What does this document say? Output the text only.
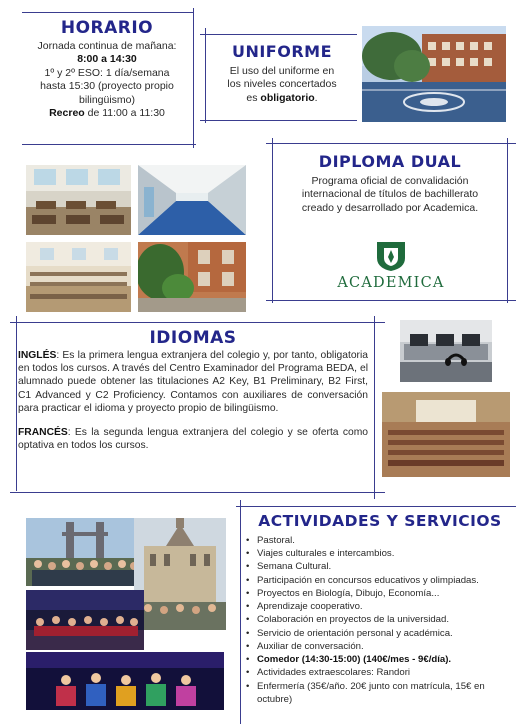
HORARIO

Jornada continua de mañana:

8:00 a 14:30

1º y 2º ESO: 1 día/semana

hasta 15:30 (proyecto propio

bilingüismo)

Recreo de 11:00 a 11:30

UNIFORME

El uso del uniforme en

los niveles concertados

es obligatorio.

DIPLOMA DUAL

Programa oficial de convalidación

internacional de títulos de bachillerato

creado y desarrollado por Academica.

ACADEMICA
IDIOMAS

INGLÉS: Es la primera lengua extranjera del colegio y, por tanto, obligatoria en todos los cursos. A través del Centro Examinador del Programa BEDA, el alumnado puede obtener las titulaciones A2 Key, B1 Preliminary, B2 First, C1 Advanced y C2 Proficiency. Contamos con auxiliares de conversación para practicar el idioma y proyecto propio de bilingüismo.

FRANCÉS: Es la segunda lengua extranjera del colegio y se oferta como optativa en todos los cursos.

ACTIVIDADES Y SERVICIOS
• Pastoral.
• Viajes culturales e intercambios.
• Semana Cultural.
• Participación en concursos educativos y olimpiadas.
• Proyectos en Biología, Dibujo, Economía...
• Aprendizaje cooperativo.
• Colaboración en proyectos de la universidad.
• Servicio de orientación personal y académica.
• Auxiliar de conversación.
• Comedor (14:30-15:00) (140€/mes - 9€/día).
• Actividades extraescolares: Randori
• Enfermería (35€/año. 20€ junto con matrícula, 15€ en octubre)
